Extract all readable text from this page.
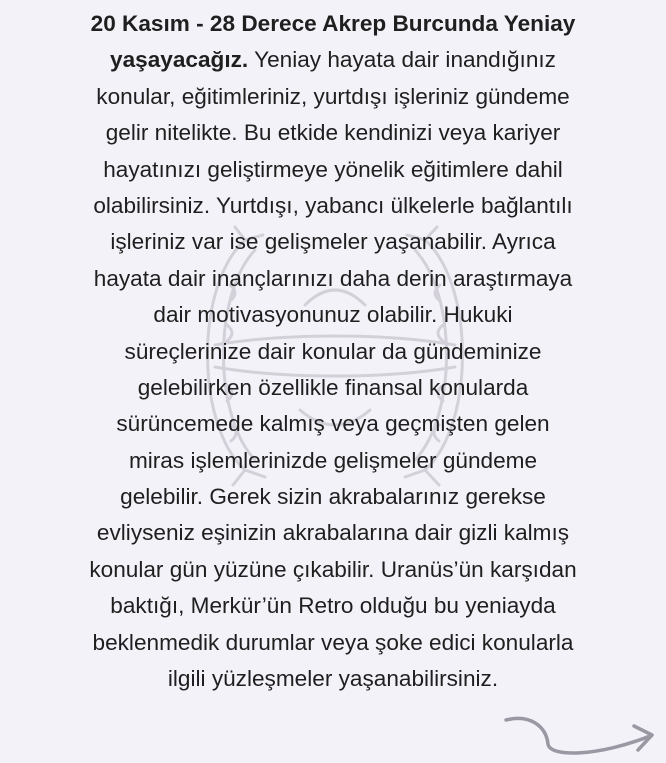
20 Kasım - 28 Derece Akrep Burcunda Yeniay
yaşayacağız. Yeniay hayata dair inandığınız
konular, eğitimleriniz, yurtdışı işleriniz gündeme
gelir nitelikte. Bu etkide kendinizi veya kariyer
hayatınızı geliştirmeye yönelik eğitimlere dahil
olabilirsiniz. Yurtdışı, yabancı ülkelerle bağlantılı
işleriniz var ise gelişmeler yaşanabilir. Ayrıca
hayata dair inançlarınızı daha derin araştırmaya
dair motivasyonunuz olabilir. Hukuki
süreçlerinize dair konular da gündeminize
gelebilirken özellikle finansal konularda
sürüncemede kalmış veya geçmişten gelen
miras işlemlerinizde gelişmeler gündeme
gelebilir. Gerek sizin akrabalarınız gerekse
evliyseniz eşinizin akrabalarına dair gizli kalmış
konular gün yüzüne çıkabilir. Uranüs’ün karşıdan
baktığı, Merkür’ün Retro olduğu bu yeniayda
beklenmedik durumlar veya şoke edici konularla
ilgili yüzleşmeler yaşanabilirsiniz.
